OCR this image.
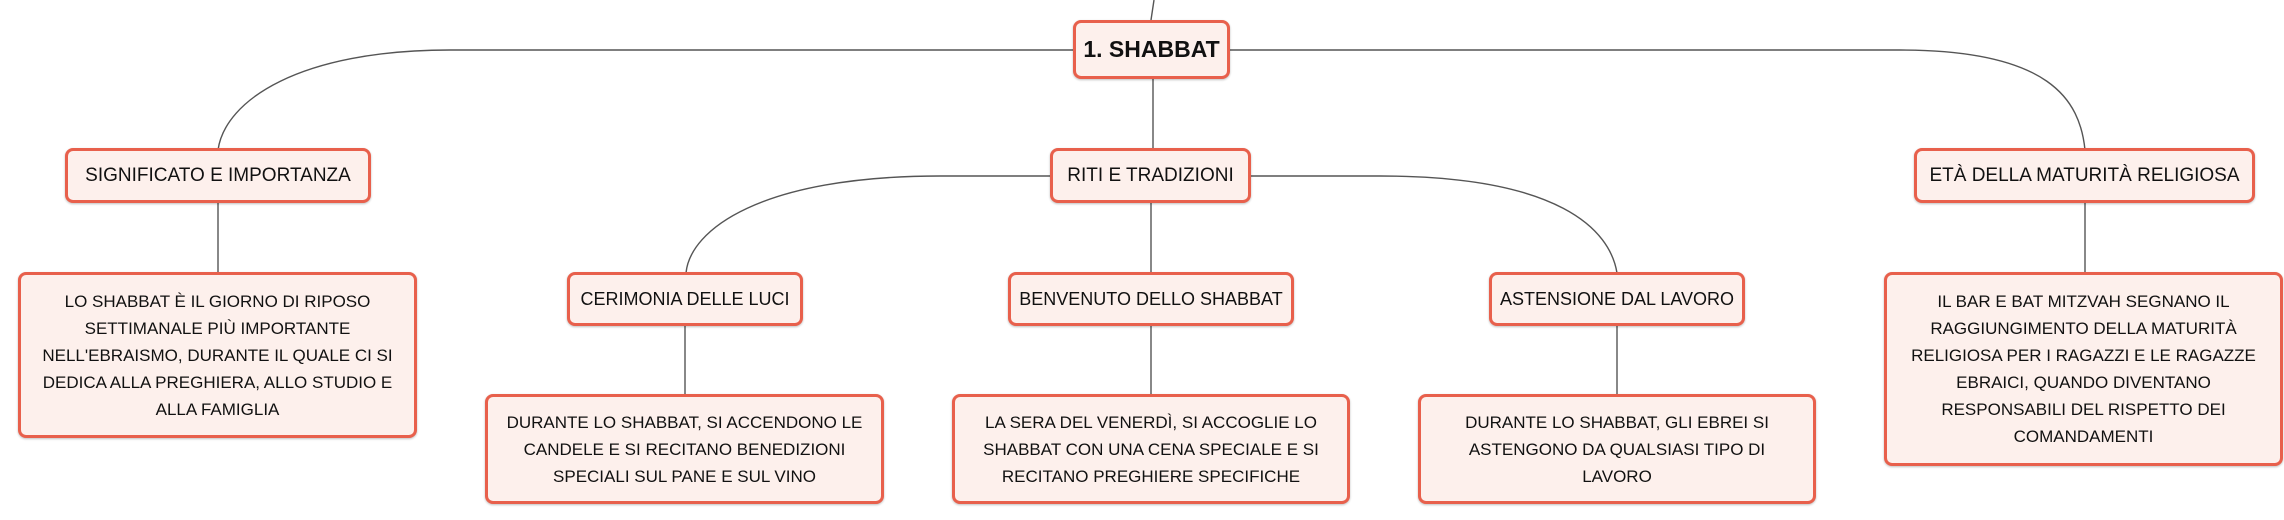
1. SHABBAT
SIGNIFICATO E IMPORTANZA	RITI E TRADIZIONI	ETÀ DELLA MATURITÀ RELIGIOSA
CERIMONIA DELLE LUCI	BENVENUTO DELLO SHABBAT	ASTENSIONE DAL LAVORO
LO SHABBAT È IL GIORNO DI RIPOSO SETTIMANALE PIÙ IMPORTANTE NELL'EBRAISMO, DURANTE IL QUALE CI SI DEDICA ALLA PREGHIERA, ALLO STUDIO E ALLA FAMIGLIA
IL BAR E BAT MITZVAH SEGNANO IL RAGGIUNGIMENTO DELLA MATURITÀ RELIGIOSA PER I RAGAZZI E LE RAGAZZE EBRAICI, QUANDO DIVENTANO RESPONSABILI DEL RISPETTO DEI COMANDAMENTI
DURANTE LO SHABBAT, SI ACCENDONO LE CANDELE E SI RECITANO BENEDIZIONI SPECIALI SUL PANE E SUL VINO
LA SERA DEL VENERDÌ, SI ACCOGLIE LO SHABBAT CON UNA CENA SPECIALE E SI RECITANO PREGHIERE SPECIFICHE
DURANTE LO SHABBAT, GLI EBREI SI ASTENGONO DA QUALSIASI TIPO DI LAVORO
